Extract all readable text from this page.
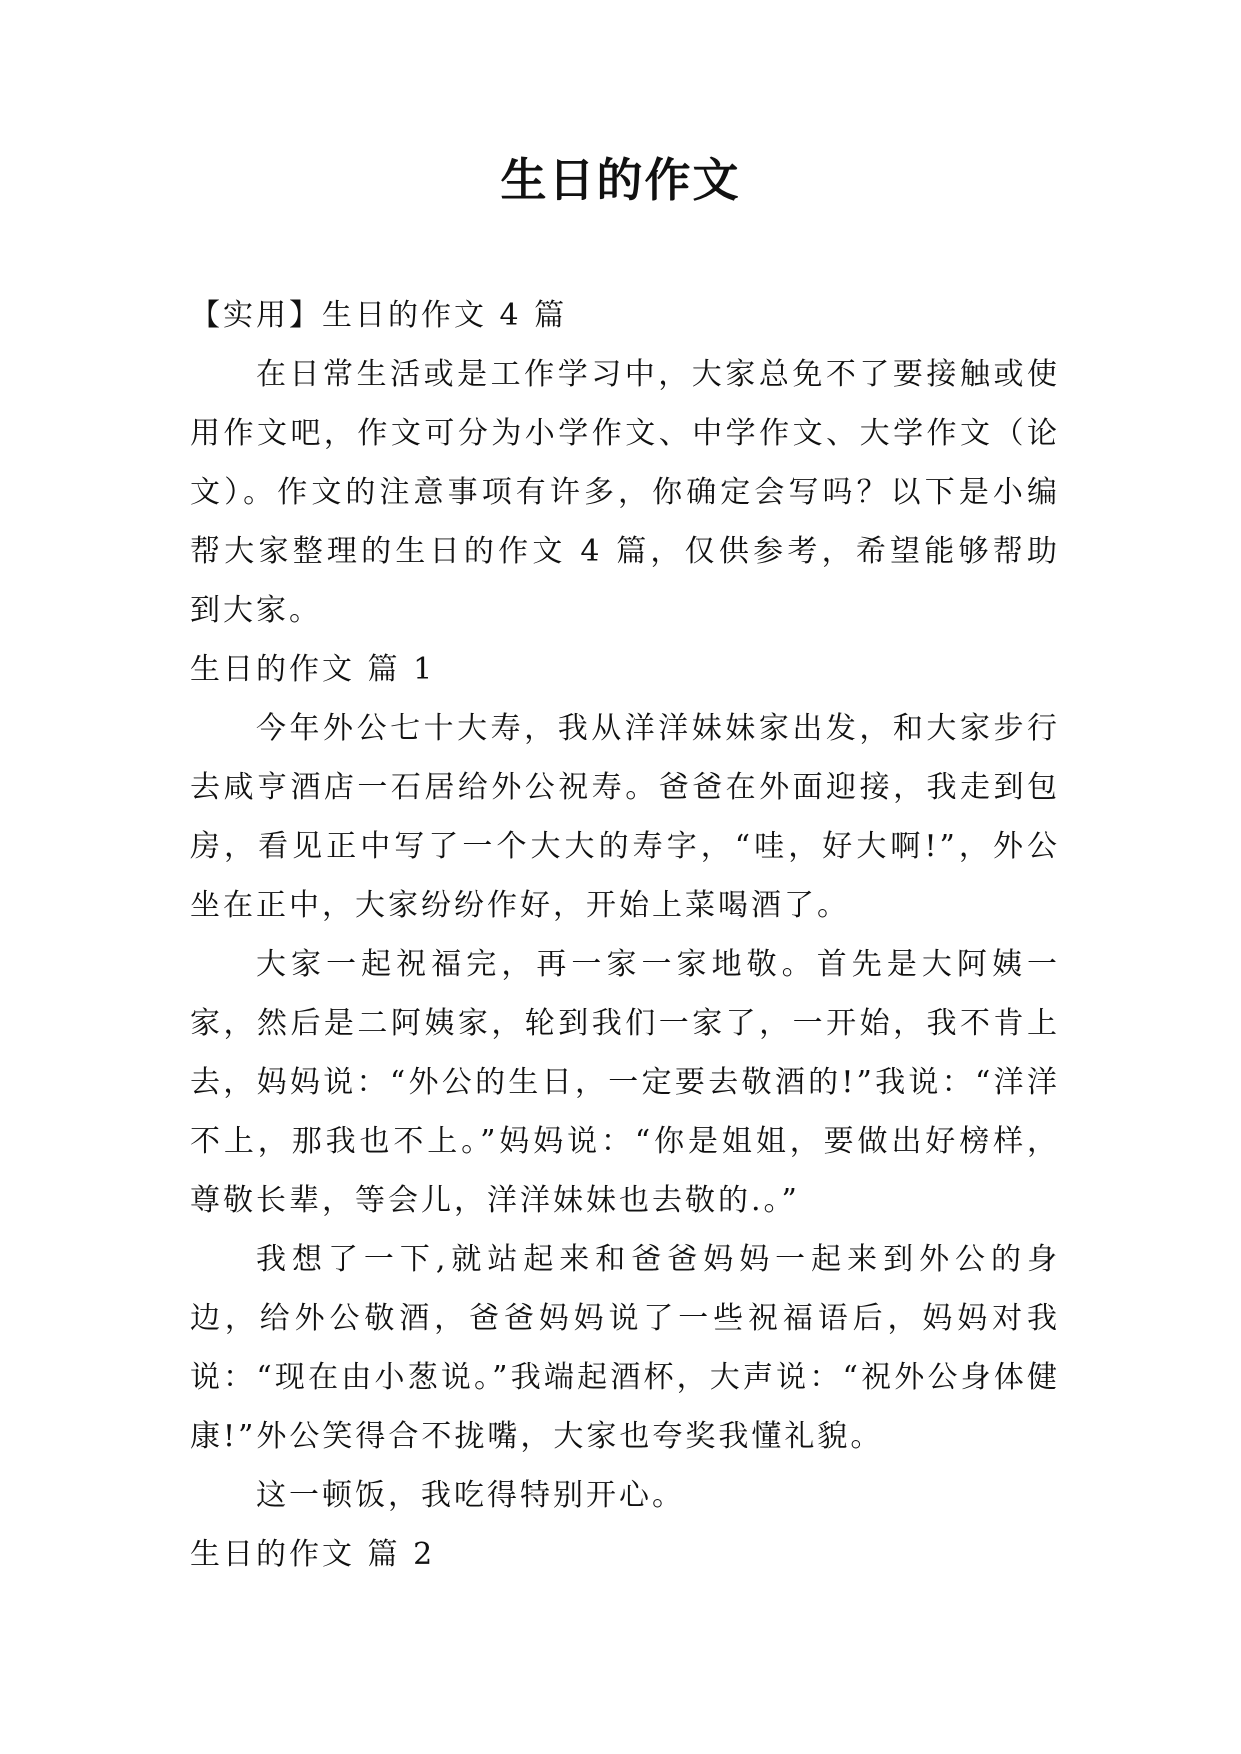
生日的作文

【实用】生日的作文 4 篇

在日常生活或是工作学习中，大家总免不了要接触或使用作文吧，作文可分为小学作文、中学作文、大学作文（论文）。作文的注意事项有许多，你确定会写吗？以下是小编帮大家整理的生日的作文 4 篇，仅供参考，希望能够帮助到大家。

生日的作文 篇 1

今年外公七十大寿，我从洋洋妹妹家出发，和大家步行去咸亨酒店一石居给外公祝寿。爸爸在外面迎接，我走到包房，看见正中写了一个大大的寿字，“哇，好大啊!”，外公坐在正中，大家纷纷作好，开始上菜喝酒了。

大家一起祝福完，再一家一家地敬。首先是大阿姨一家，然后是二阿姨家，轮到我们一家了，一开始，我不肯上去，妈妈说：“外公的生日，一定要去敬酒的!”我说：“洋洋不上，那我也不上。”妈妈说：“你是姐姐，要做出好榜样，尊敬长辈，等会儿，洋洋妹妹也去敬的.。”

我想了一下,就站起来和爸爸妈妈一起来到外公的身边，给外公敬酒，爸爸妈妈说了一些祝福语后，妈妈对我说：“现在由小葱说。”我端起酒杯，大声说：“祝外公身体健康!”外公笑得合不拢嘴，大家也夸奖我懂礼貌。

这一顿饭，我吃得特别开心。

生日的作文 篇 2
